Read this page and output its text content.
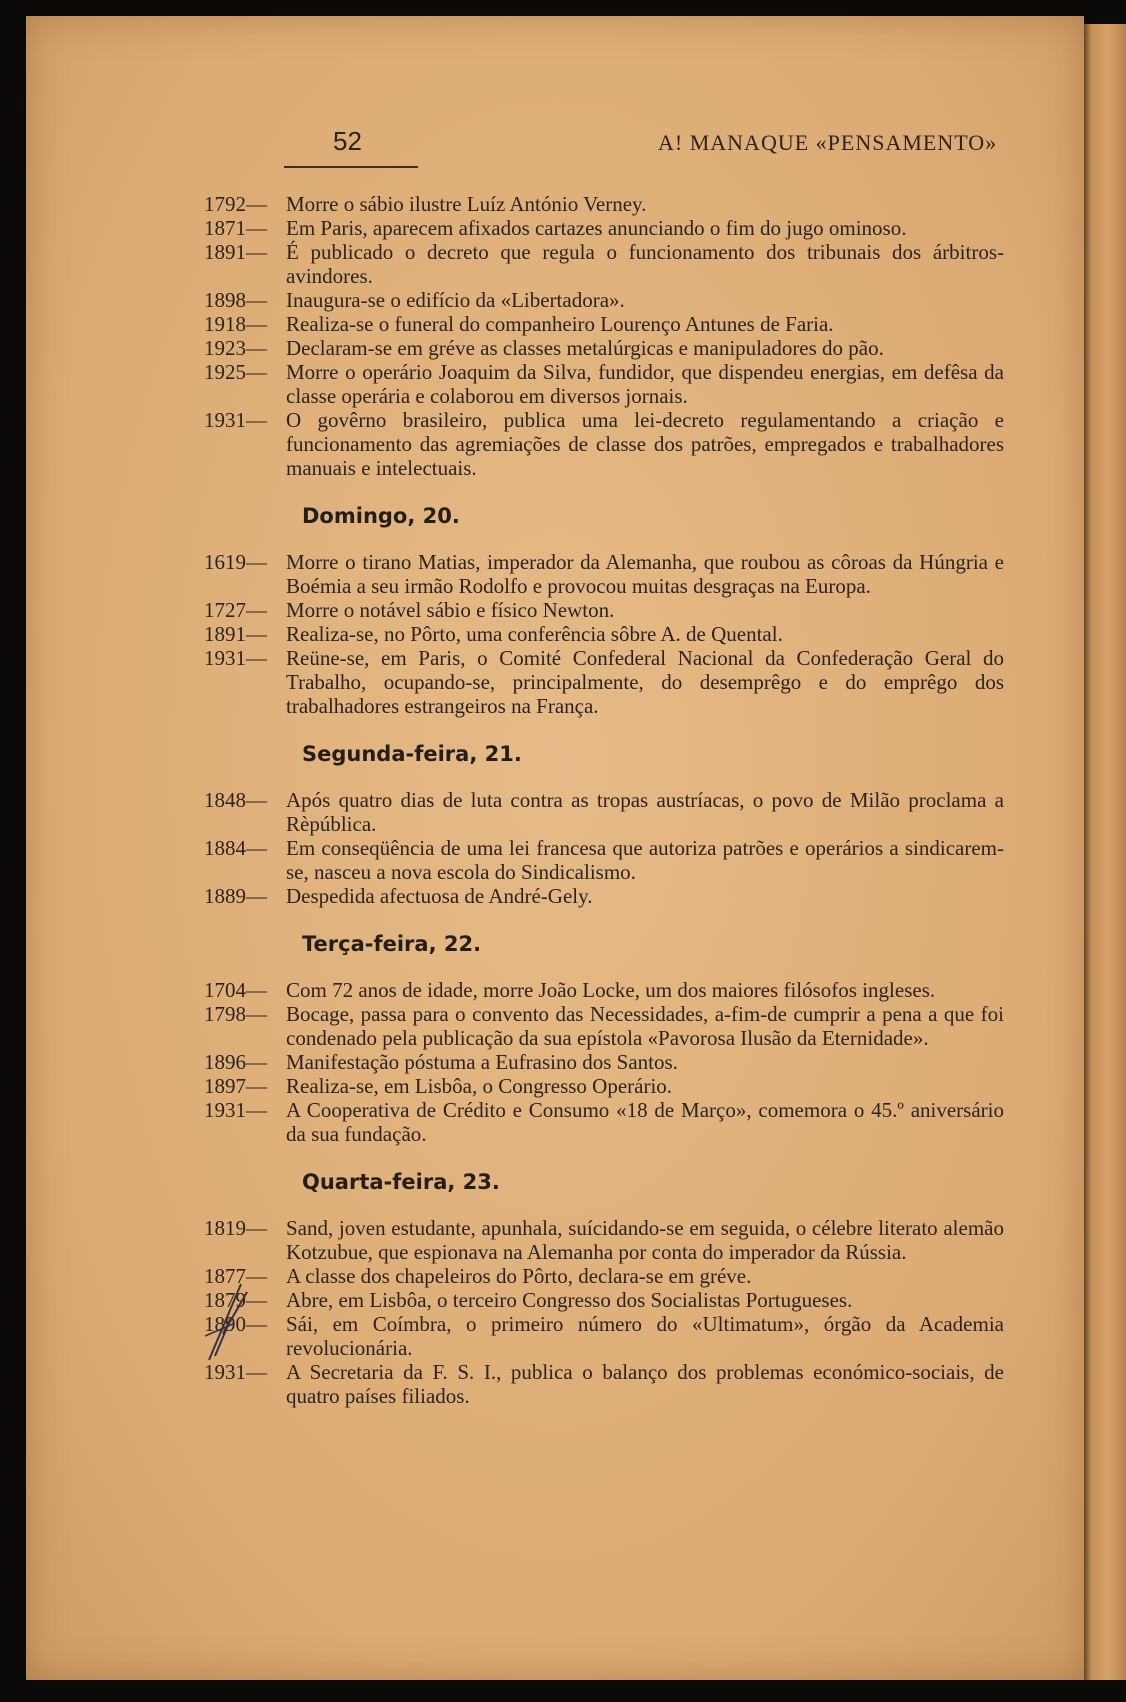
52	A! MANAQUE «PENSAMENTO»
1792— Morre o sábio ilustre Luíz António Verney.
1871— Em Paris, aparecem afixados cartazes anunciando o fim do jugo ominoso.
1891— É publicado o decreto que regula o funcionamento dos tribunais dos árbitros-avindores.
1898— Inaugura-se o edifício da «Libertadora».
1918— Realiza-se o funeral do companheiro Lourenço Antunes de Faria.
1923— Declaram-se em gréve as classes metalúrgicas e manipuladores do pão.
1925— Morre o operário Joaquim da Silva, fundidor, que dispendeu energias, em defêsa da classe operária e colaborou em diversos jornais.
1931— O govêrno brasileiro, publica uma lei-decreto regulamentando a criação e funcionamento das agremiações de classe dos patrões, empregados e trabalhadores manuais e intelectuais.
Domingo, 20.
1619— Morre o tirano Matias, imperador da Alemanha, que roubou as côroas da Húngria e Boémia a seu irmão Rodolfo e provocou muitas desgraças na Europa.
1727— Morre o notável sábio e físico Newton.
1891— Realiza-se, no Pôrto, uma conferência sôbre A. de Quental.
1931— Reüne-se, em Paris, o Comité Confederal Nacional da Confederação Geral do Trabalho, ocupando-se, principalmente, do desemprêgo e do emprêgo dos trabalhadores estrangeiros na França.
Segunda-feira, 21.
1848— Após quatro dias de luta contra as tropas austríacas, o povo de Milão proclama a Rèpública.
1884— Em conseqüência de uma lei francesa que autoriza patrões e operários a sindicarem-se, nasceu a nova escola do Sindicalismo.
1889— Despedida afectuosa de André-Gely.
Terça-feira, 22.
1704— Com 72 anos de idade, morre João Locke, um dos maiores filósofos ingleses.
1798— Bocage, passa para o convento das Necessidades, a-fim-de cumprir a pena a que foi condenado pela publicação da sua epístola «Pavorosa Ilusão da Eternidade».
1896— Manifestação póstuma a Eufrasino dos Santos.
1897— Realiza-se, em Lisbôa, o Congresso Operário.
1931— A Cooperativa de Crédito e Consumo «18 de Março», comemora o 45.º aniversário da sua fundação.
Quarta-feira, 23.
1819— Sand, joven estudante, apunhala, suícidando-se em seguida, o célebre literato alemão Kotzubue, que espionava na Alemanha por conta do imperador da Rússia.
1877— A classe dos chapeleiros do Pôrto, declara-se em gréve.
1879— Abre, em Lisbôa, o terceiro Congresso dos Socialistas Portugueses.
1890— Sái, em Coímbra, o primeiro número do «Ultimatum», órgão da Academia revolucionária.
1931— A Secretaria da F. S. I., publica o balanço dos problemas económico-sociais, de quatro países filiados.
